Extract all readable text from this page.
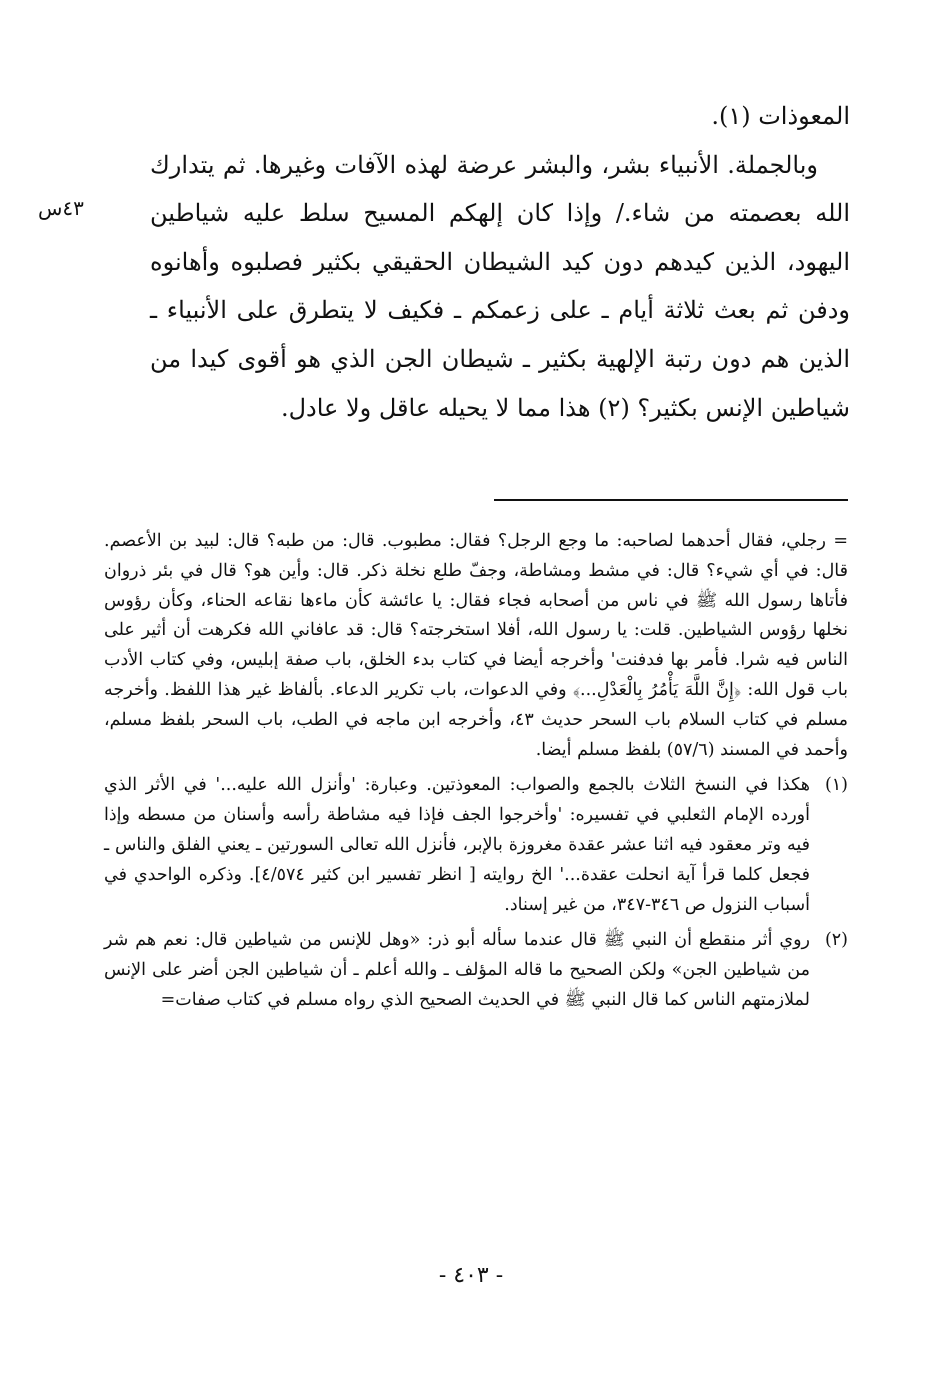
المعوذات (١).

وبالجملة. الأنبياء بشر، والبشر عرضة لهذه الآفات وغيرها. ثم يتدارك الله بعصمته من شاء./ وإذا كان إلهكم المسيح سلط عليه شياطين اليهود، الذين كيدهم دون كيد الشيطان الحقيقي بكثير فصلبوه وأهانوه ودفن ثم بعث ثلاثة أيام ـ على زعمكم ـ فكيف لا يتطرق على الأنبياء ـ الذين هم دون رتبة الإلهية بكثير ـ شيطان الجن الذي هو أقوى كيدا من شياطين الإنس بكثير؟ (٢) هذا مما لا يحيله عاقل ولا عادل.

٤٣س

= رجلي، فقال أحدهما لصاحبه: ما وجع الرجل؟ فقال: مطبوب. قال: من طبه؟ قال: لبيد بن الأعصم. قال: في أي شيء؟ قال: في مشط ومشاطة، وجفّ طلع نخلة ذكر. قال: وأين هو؟ قال في بئر ذروان فأتاها رسول الله ﷺ في ناس من أصحابه فجاء فقال: يا عائشة كأن ماءها نقاعه الحناء، وكأن رؤوس نخلها رؤوس الشياطين. قلت: يا رسول الله، أفلا استخرجته؟ قال: قد عافاني الله فكرهت أن أثير على الناس فيه شرا. فأمر بها فدفنت' وأخرجه أيضا في كتاب بدء الخلق، باب صفة إبليس، وفي كتاب الأدب باب قول الله: ﴿إِنَّ اللَّهَ يَأْمُرُ بِالْعَدْلِ...﴾ وفي الدعوات، باب تكرير الدعاء. بألفاظ غير هذا اللفظ. وأخرجه مسلم في كتاب السلام باب السحر حديث ٤٣، وأخرجه ابن ماجه في الطب، باب السحر بلفظ مسلم، وأحمد في المسند (٥٧/٦) بلفظ مسلم أيضا.

(١)
هكذا في النسخ الثلاث بالجمع والصواب: المعوذتين. وعبارة: 'وأنزل الله عليه...' في الأثر الذي أورده الإمام الثعلبي في تفسيره: 'وأخرجوا الجف فإذا فيه مشاطة رأسه وأسنان من مسطه وإذا فيه وتر معقود فيه اثنا عشر عقدة مغروزة بالإبر، فأنزل الله تعالى السورتين ـ يعني الفلق والناس ـ فجعل كلما قرأ آية انحلت عقدة...' الخ روايته [ انظر تفسير ابن كثير ٤/٥٧٤]. وذكره الواحدي في أسباب النزول ص ٣٤٦-٣٤٧، من غير إسناد.
(٢)
روي أثر منقطع أن النبي ﷺ قال عندما سأله أبو ذر: «وهل للإنس من شياطين قال: نعم هم شر من شياطين الجن» ولكن الصحيح ما قاله المؤلف ـ والله أعلم ـ أن شياطين الجن أضر على الإنس لملازمتهم الناس كما قال النبي ﷺ في الحديث الصحيح الذي رواه مسلم في كتاب صفات=
- ٤٠٣ -
